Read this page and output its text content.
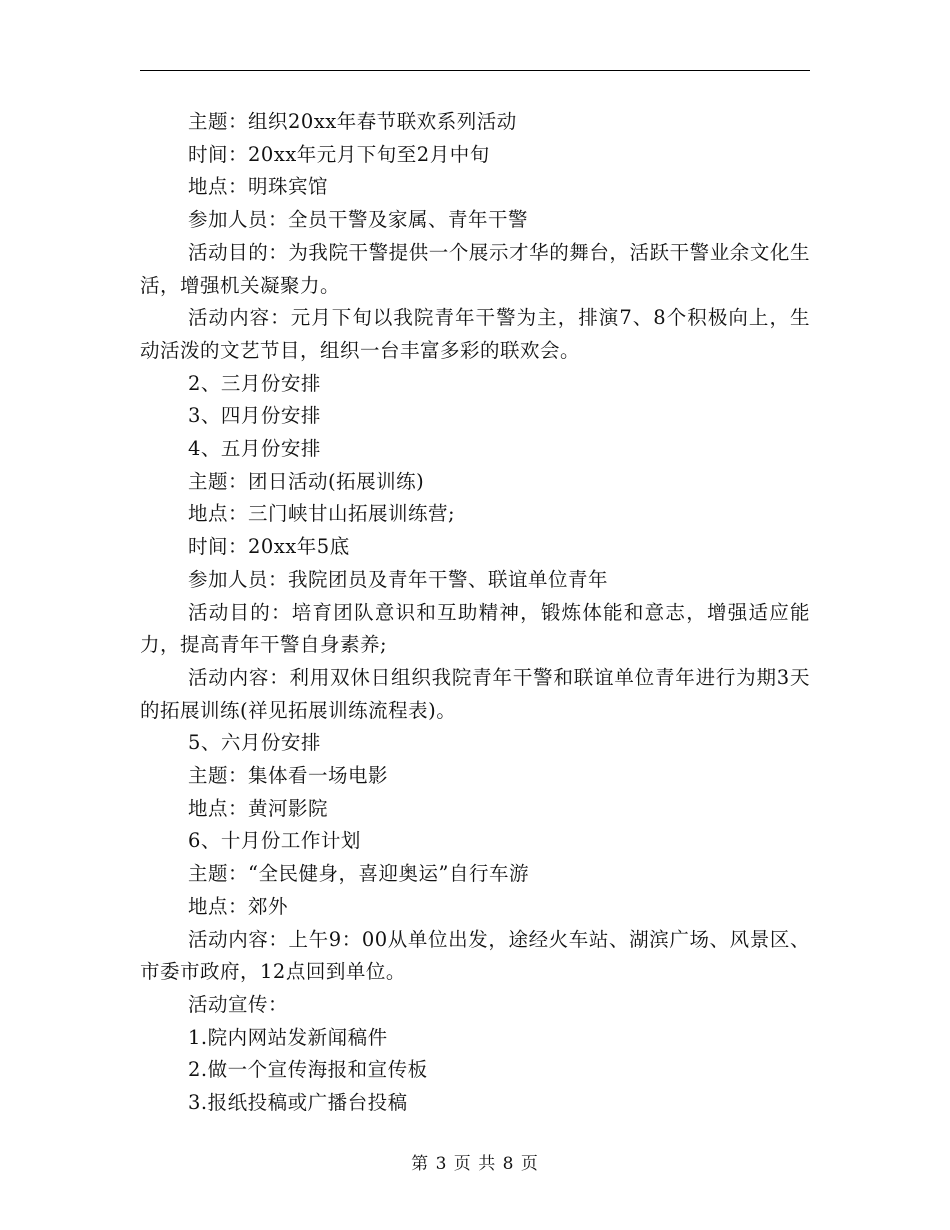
主题：组织20xx年春节联欢系列活动

时间：20xx年元月下旬至2月中旬

地点：明珠宾馆

参加人员：全员干警及家属、青年干警

活动目的：为我院干警提供一个展示才华的舞台，活跃干警业余文化生活，增强机关凝聚力。

活动内容：元月下旬以我院青年干警为主，排演7、8个积极向上，生动活泼的文艺节目，组织一台丰富多彩的联欢会。

2、三月份安排

3、四月份安排

4、五月份安排

主题：团日活动(拓展训练)

地点：三门峡甘山拓展训练营;

时间：20xx年5底

参加人员：我院团员及青年干警、联谊单位青年

活动目的：培育团队意识和互助精神，锻炼体能和意志，增强适应能力，提高青年干警自身素养;

活动内容：利用双休日组织我院青年干警和联谊单位青年进行为期3天的拓展训练(祥见拓展训练流程表)。

5、六月份安排

主题：集体看一场电影

地点：黄河影院

6、十月份工作计划

主题：“全民健身，喜迎奥运”自行车游

地点：郊外

活动内容：上午9：00从单位出发，途经火车站、湖滨广场、风景区、市委市政府，12点回到单位。

活动宣传：

1.院内网站发新闻稿件

2.做一个宣传海报和宣传板

3.报纸投稿或广播台投稿

第 3 页 共 8 页
